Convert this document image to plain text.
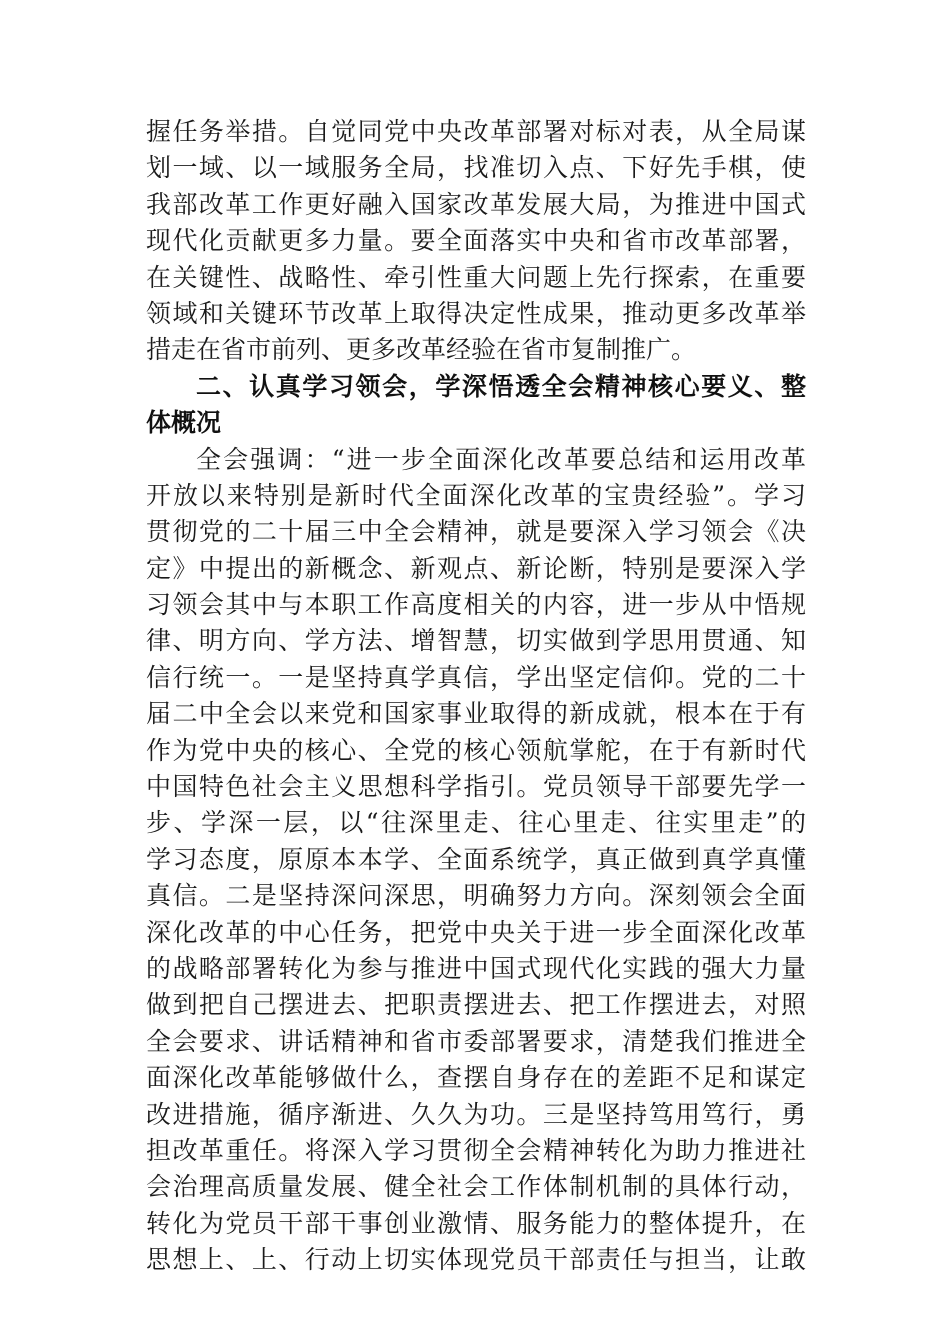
握任务举措。自觉同党中央改革部署对标对表，从全局谋
划一域、以一域服务全局，找准切入点、下好先手棋，使
我部改革工作更好融入国家改革发展大局，为推进中国式
现代化贡献更多力量。要全面落实中央和省市改革部署，
在关键性、战略性、牵引性重大问题上先行探索，在重要
领域和关键环节改革上取得决定性成果，推动更多改革举
措走在省市前列、更多改革经验在省市复制推广。
二、认真学习领会，学深悟透全会精神核心要义、整
体概况
全会强调：“进一步全面深化改革要总结和运用改革
开放以来特别是新时代全面深化改革的宝贵经验”。学习
贯彻党的二十届三中全会精神，就是要深入学习领会《决
定》中提出的新概念、新观点、新论断，特别是要深入学
习领会其中与本职工作高度相关的内容，进一步从中悟规
律、明方向、学方法、增智慧，切实做到学思用贯通、知
信行统一。一是坚持真学真信，学出坚定信仰。党的二十
届二中全会以来党和国家事业取得的新成就，根本在于有
作为党中央的核心、全党的核心领航掌舵，在于有新时代
中国特色社会主义思想科学指引。党员领导干部要先学一
步、学深一层，以“往深里走、往心里走、往实里走”的
学习态度，原原本本学、全面系统学，真正做到真学真懂
真信。二是坚持深问深思，明确努力方向。深刻领会全面
深化改革的中心任务，把党中央关于进一步全面深化改革
的战略部署转化为参与推进中国式现代化实践的强大力量
做到把自己摆进去、把职责摆进去、把工作摆进去，对照
全会要求、讲话精神和省市委部署要求，清楚我们推进全
面深化改革能够做什么，查摆自身存在的差距不足和谋定
改进措施，循序渐进、久久为功。三是坚持笃用笃行，勇
担改革重任。将深入学习贯彻全会精神转化为助力推进社
会治理高质量发展、健全社会工作体制机制的具体行动，
转化为党员干部干事创业激情、服务能力的整体提升，在
思想上、上、行动上切实体现党员干部责任与担当，让敢
